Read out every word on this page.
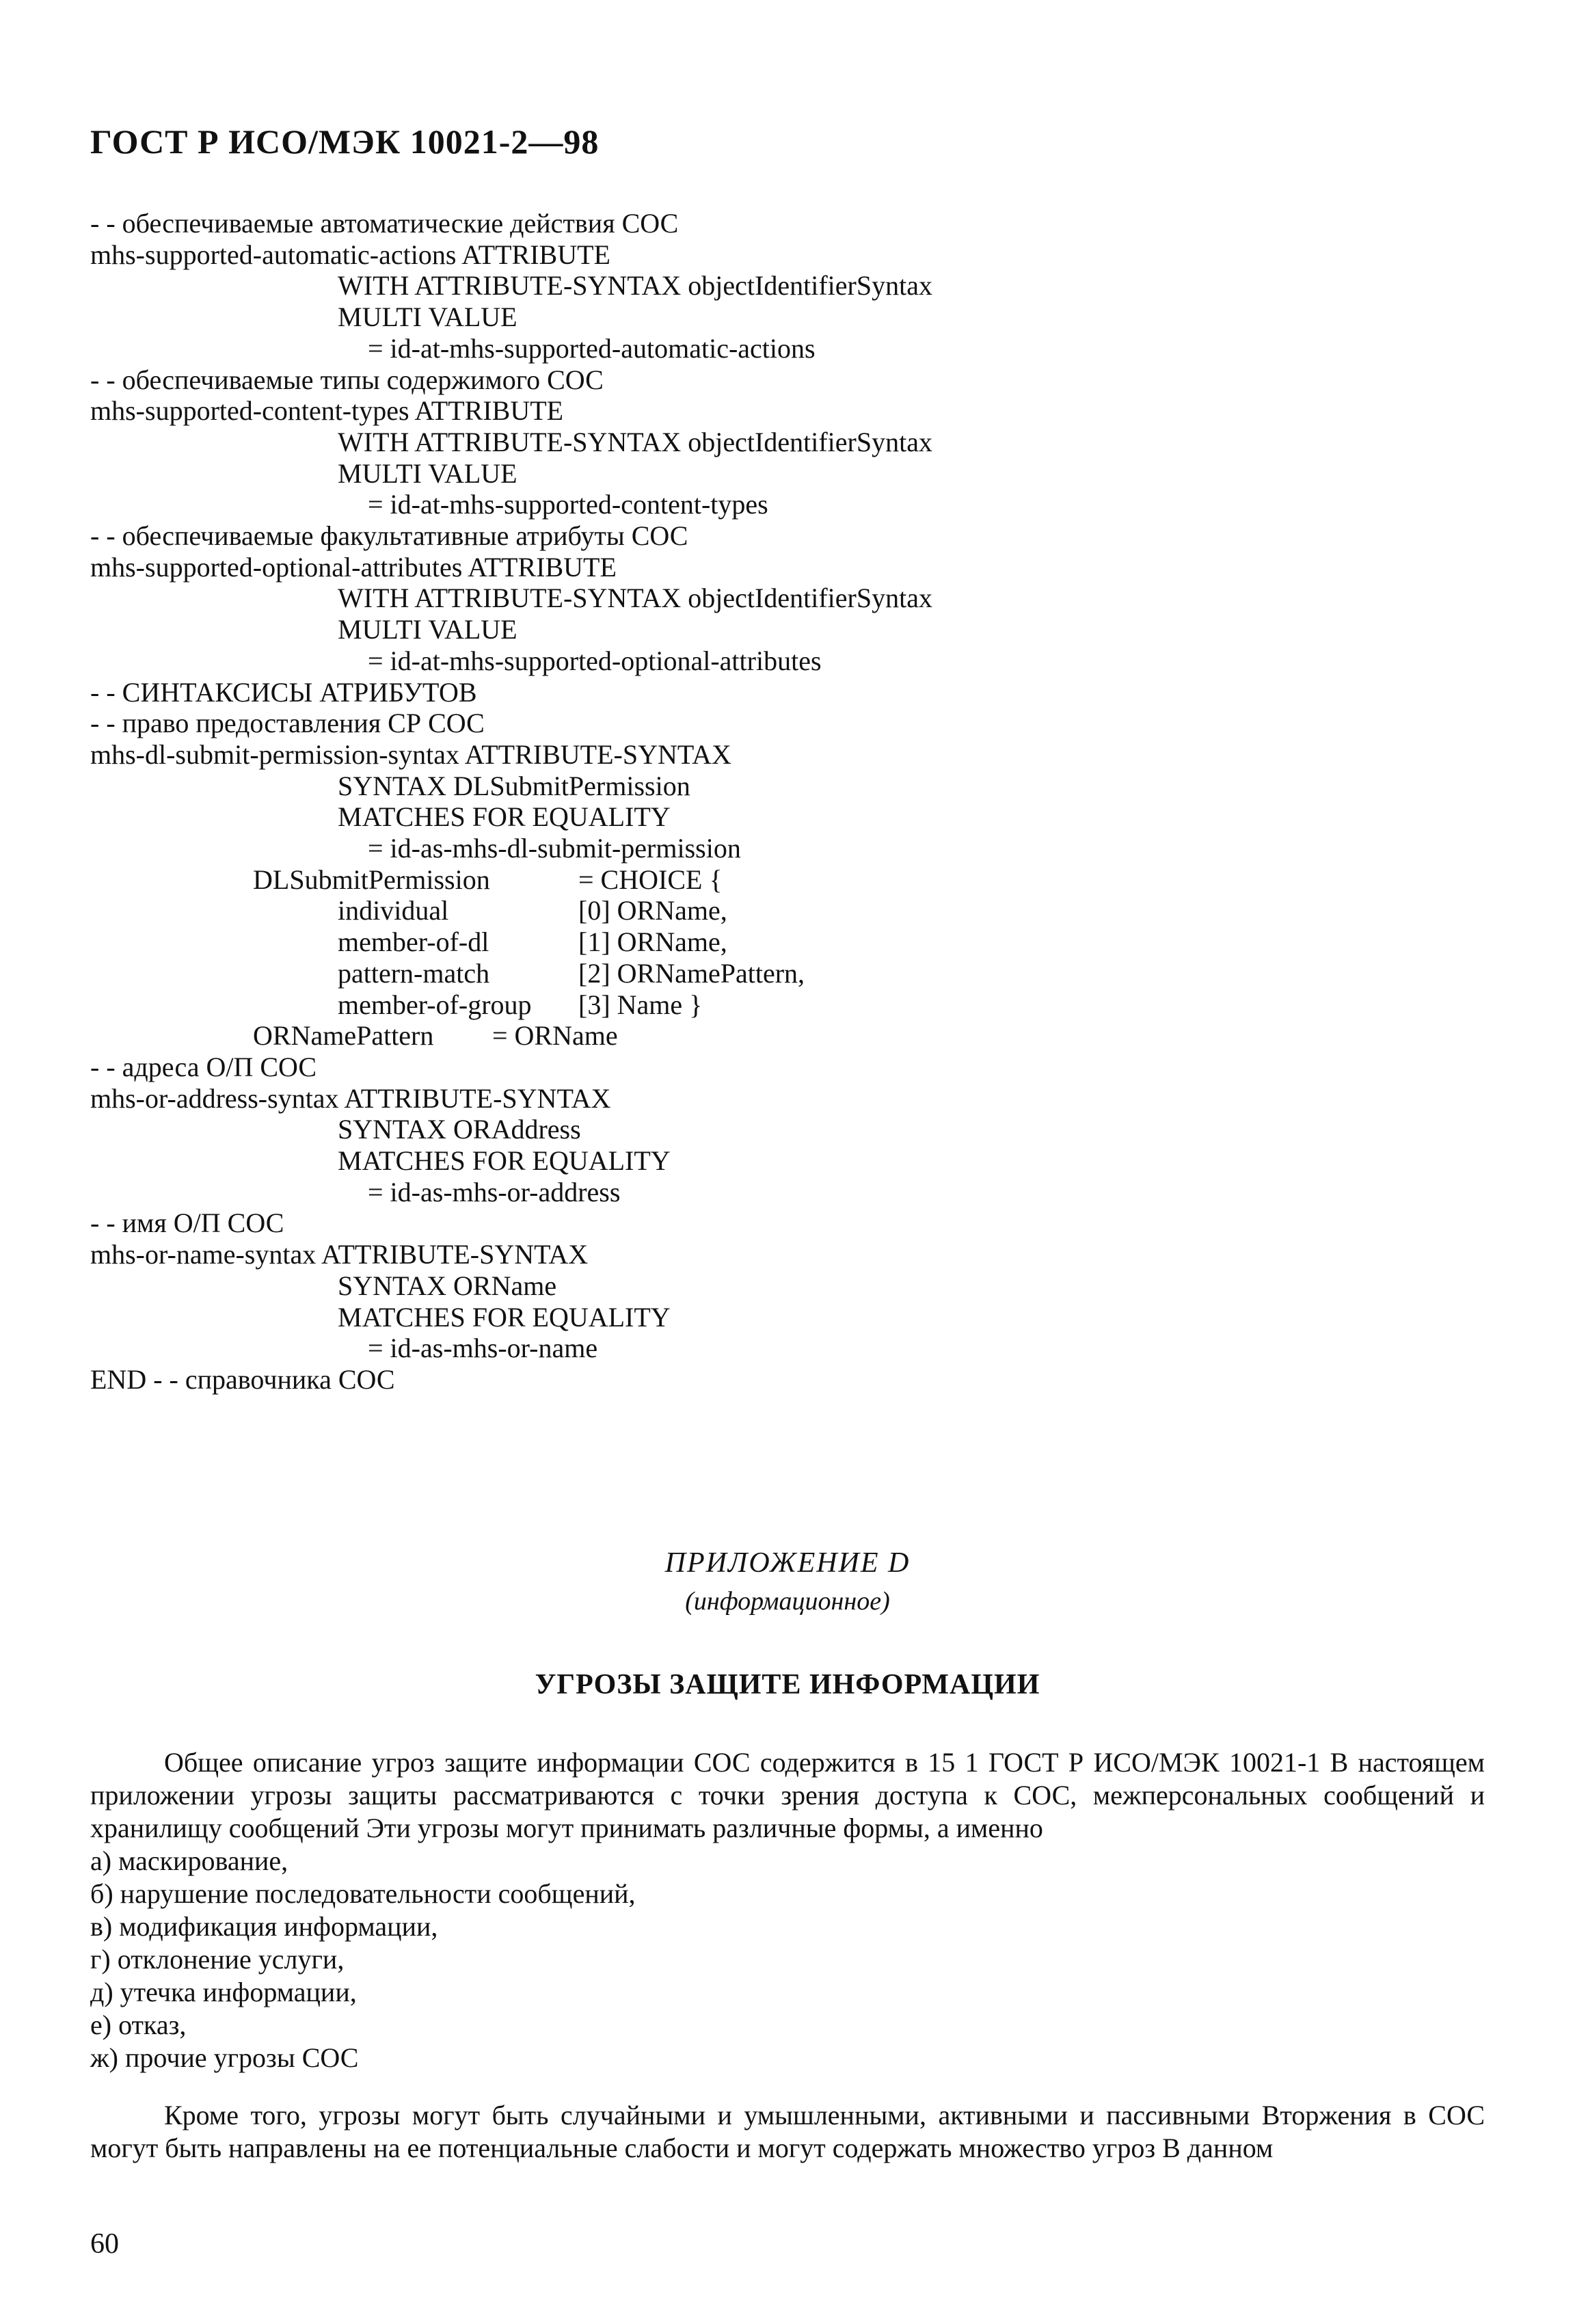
ГОСТ Р ИСО/МЭК 10021-2—98
- - обеспечиваемые автоматические действия СОС
mhs-supported-automatic-actions ATTRIBUTE
WITH ATTRIBUTE-SYNTAX objectIdentifierSyntax
MULTI VALUE
= id-at-mhs-supported-automatic-actions
- - обеспечиваемые типы содержимого СОС
mhs-supported-content-types ATTRIBUTE
WITH ATTRIBUTE-SYNTAX objectIdentifierSyntax
MULTI VALUE
= id-at-mhs-supported-content-types
- - обеспечиваемые факультативные атрибуты СОС
mhs-supported-optional-attributes ATTRIBUTE
WITH ATTRIBUTE-SYNTAX objectIdentifierSyntax
MULTI VALUE
= id-at-mhs-supported-optional-attributes
- - СИНТАКСИСЫ АТРИБУТОВ
- - право предоставления СР СОС
mhs-dl-submit-permission-syntax ATTRIBUTE-SYNTAX
SYNTAX DLSubmitPermission
MATCHES FOR EQUALITY
= id-as-mhs-dl-submit-permission
DLSubmitPermission	= CHOICE {
individual	[0] ORName,
member-of-dl	[1] ORName,
pattern-match	[2] ORNamePattern,
member-of-group [3] Name }
ORNamePattern = ORName
- - адреса О/П СОС
mhs-or-address-syntax ATTRIBUTE-SYNTAX
SYNTAX ORAddress
MATCHES FOR EQUALITY
= id-as-mhs-or-address
- - имя О/П СОС
mhs-or-name-syntax ATTRIBUTE-SYNTAX
SYNTAX ORName
MATCHES FOR EQUALITY
= id-as-mhs-or-name
END - - справочника СОС
ПРИЛОЖЕНИЕ D
(информационное)
УГРОЗЫ ЗАЩИТЕ ИНФОРМАЦИИ
Общее описание угроз защите информации СОС содержится в 15 1 ГОСТ Р ИСО/МЭК 10021-1 В настоящем приложении угрозы защиты рассматриваются с точки зрения доступа к СОС, межперсональных сообщений и хранилищу сообщений Эти угрозы могут принимать различные формы, а именно
а) маскирование,
б) нарушение последовательности сообщений,
в) модификация информации,
г) отклонение услуги,
д) утечка информации,
е) отказ,
ж) прочие угрозы СОС
Кроме того, угрозы могут быть случайными и умышленными, активными и пассивными Вторжения в СОС могут быть направлены на ее потенциальные слабости и могут содержать множество угроз В данном
60
